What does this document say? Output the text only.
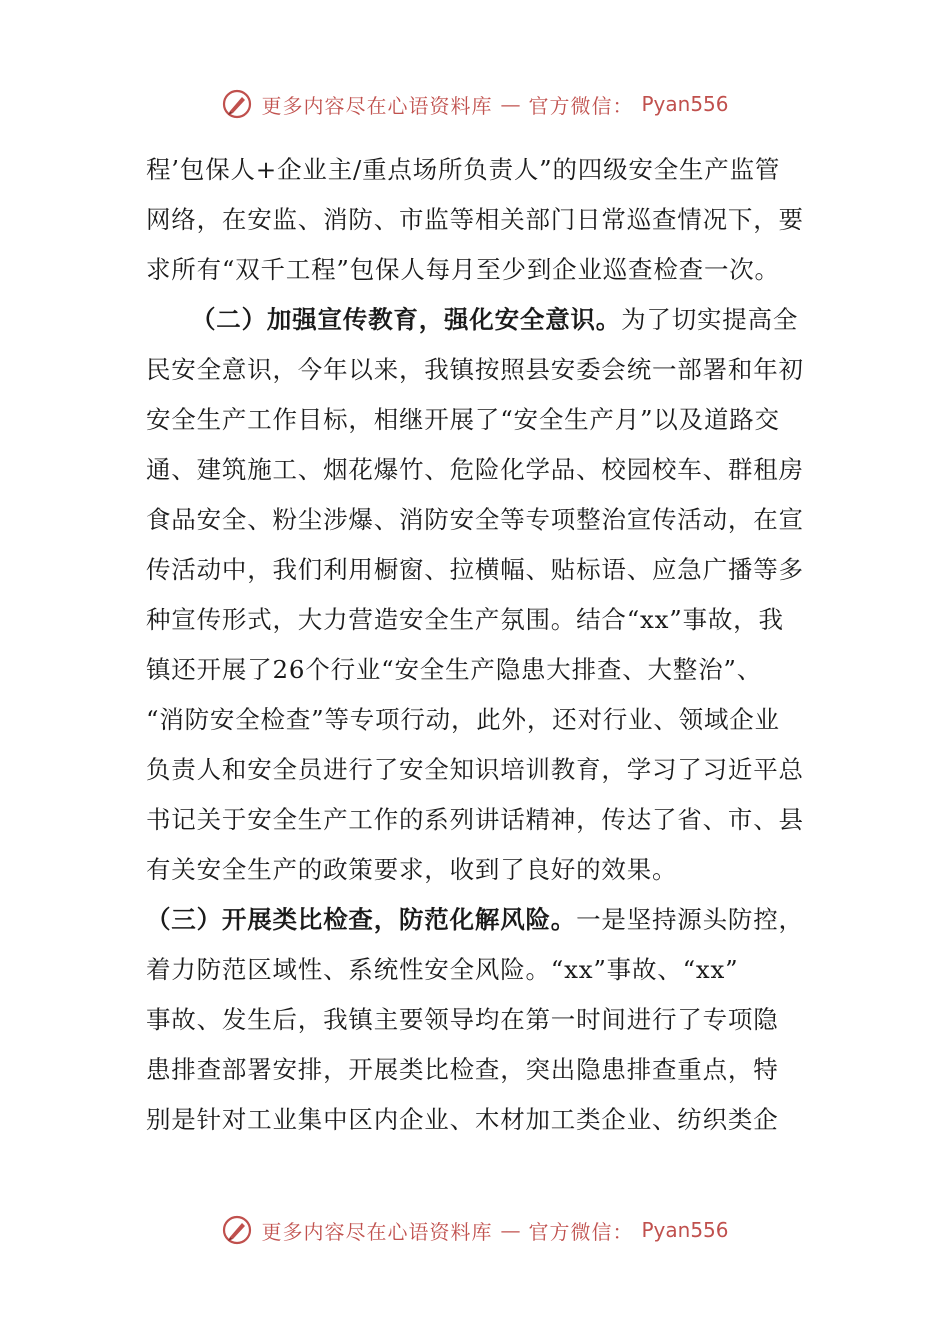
更多内容尽在心语资料库 — 官方微信： Pyan556
程’包保人+企业主/重点场所负责人”的四级安全生产监管
网络，在安监、消防、市监等相关部门日常巡查情况下，要
求所有“双千工程”包保人每月至少到企业巡查检查一次。
（二）加强宣传教育，强化安全意识。为了切实提高全
民安全意识，今年以来，我镇按照县安委会统一部署和年初
安全生产工作目标，相继开展了“安全生产月”以及道路交
通、建筑施工、烟花爆竹、危险化学品、校园校车、群租房
食品安全、粉尘涉爆、消防安全等专项整治宣传活动，在宣
传活动中，我们利用橱窗、拉横幅、贴标语、应急广播等多
种宣传形式，大力营造安全生产氛围。结合“xx”事故，我
镇还开展了26个行业“安全生产隐患大排查、大整治”、
“消防安全检查”等专项行动，此外，还对行业、领域企业
负责人和安全员进行了安全知识培训教育，学习了习近平总
书记关于安全生产工作的系列讲话精神，传达了省、市、县
有关安全生产的政策要求，收到了良好的效果。
（三）开展类比检查，防范化解风险。一是坚持源头防控，
着力防范区域性、系统性安全风险。“xx”事故、“xx”
事故、发生后，我镇主要领导均在第一时间进行了专项隐
患排查部署安排，开展类比检查，突出隐患排查重点，特
别是针对工业集中区内企业、木材加工类企业、纺织类企
更多内容尽在心语资料库 — 官方微信： Pyan556
